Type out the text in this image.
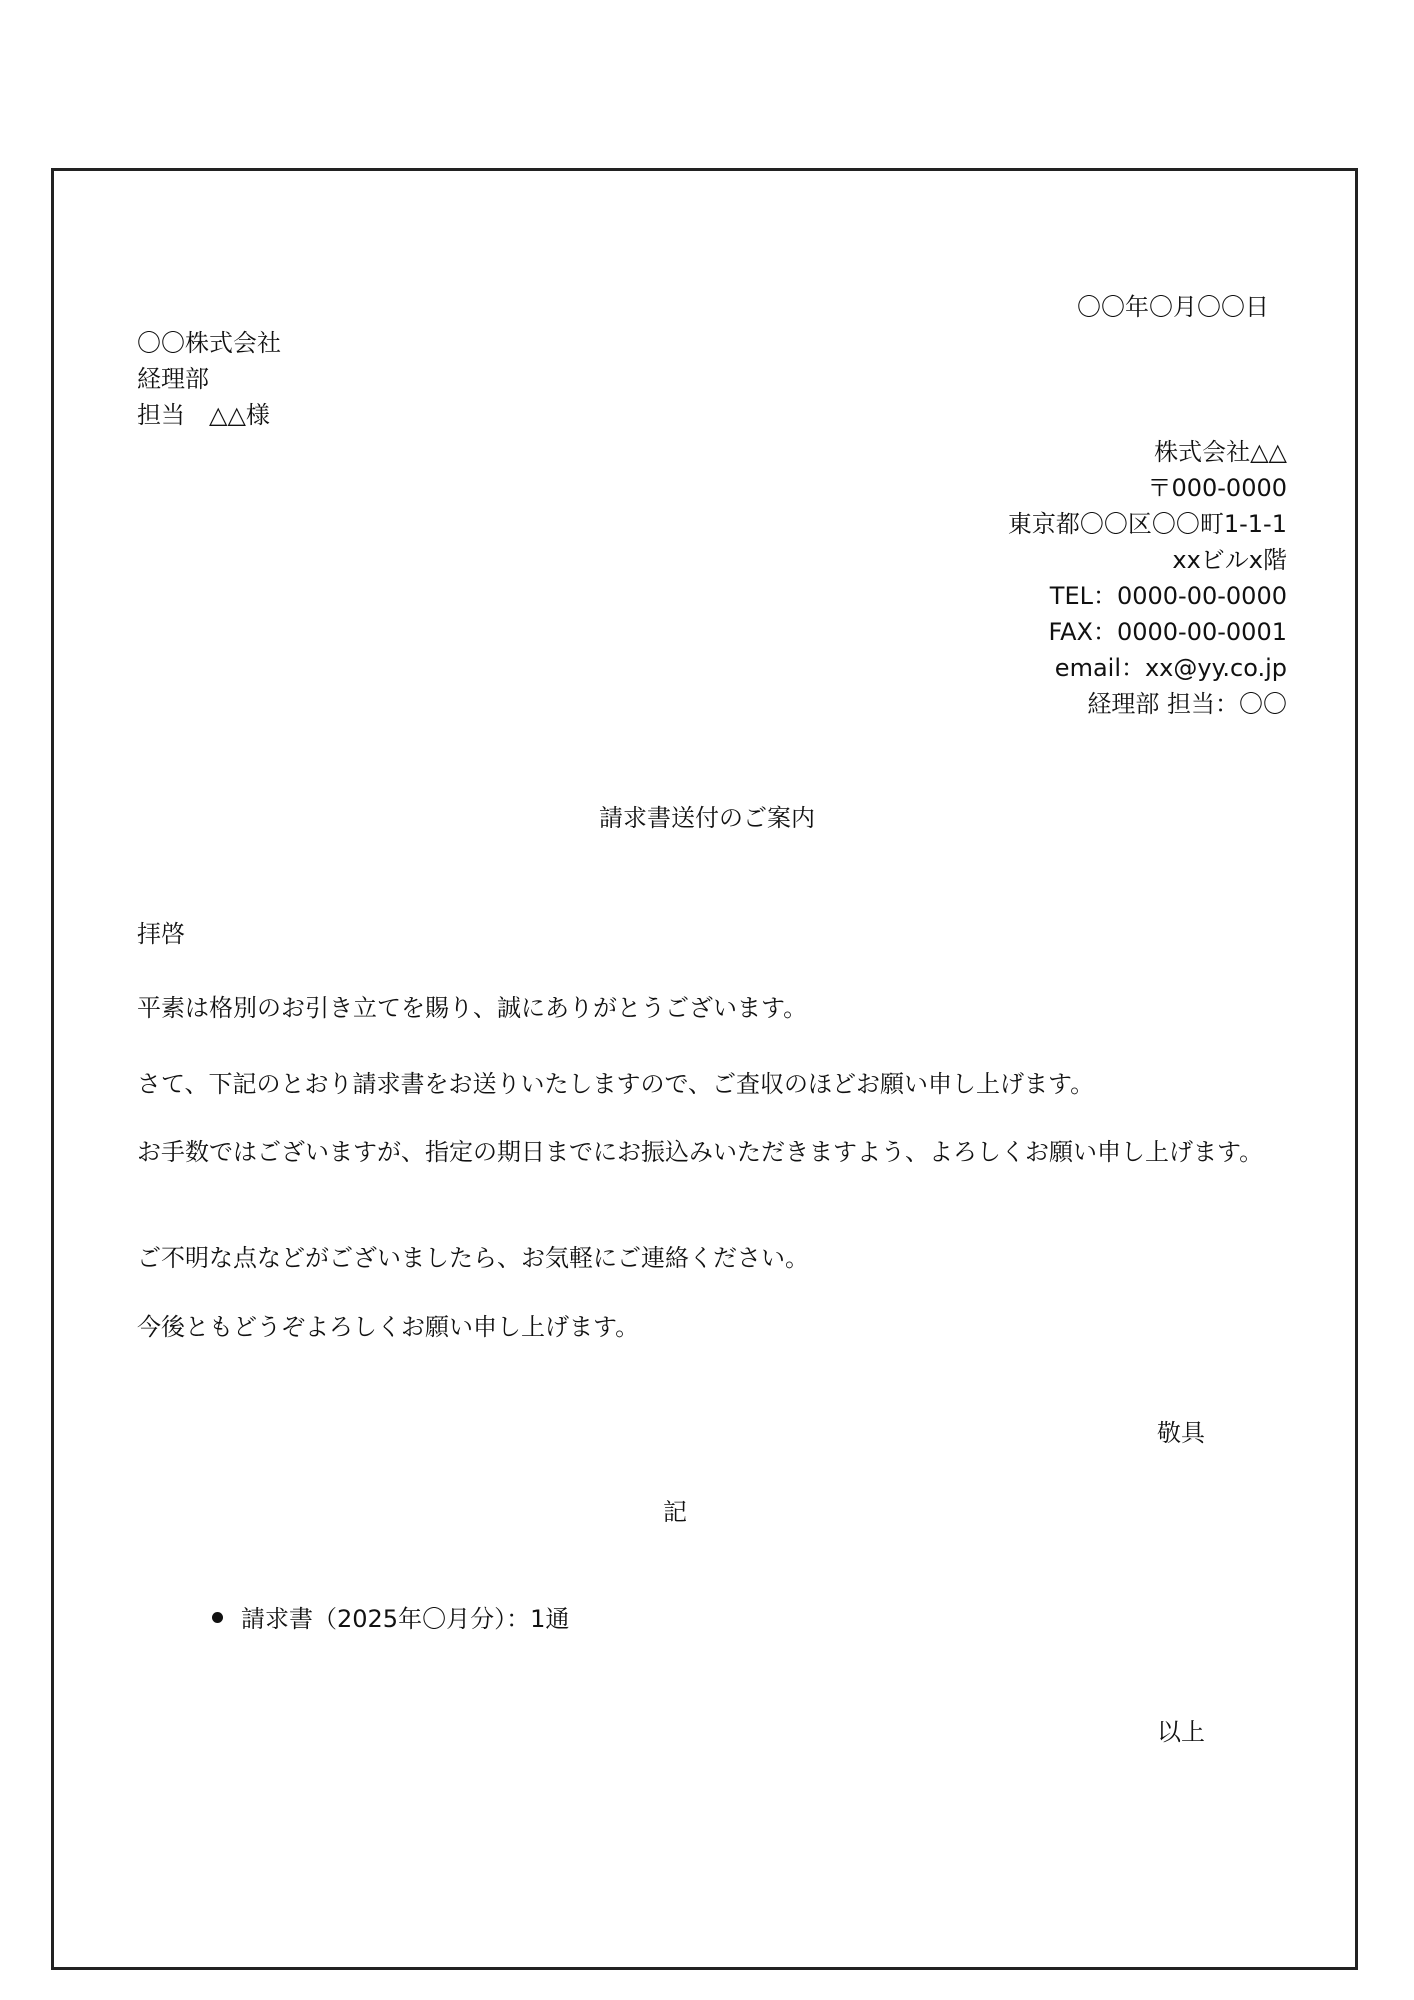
〇〇年〇月〇〇日
〇〇株式会社
経理部
担当　△△様
株式会社△△
〒000-0000
東京都〇〇区〇〇町1-1-1
xxビルx階
TEL：0000-00-0000
FAX：0000-00-0001
email：xx@yy.co.jp
経理部 担当：〇〇
請求書送付のご案内
拝啓
平素は格別のお引き立てを賜り、誠にありがとうございます。
さて、下記のとおり請求書をお送りいたしますので、ご査収のほどお願い申し上げます。
お手数ではございますが、指定の期日までにお振込みいただきますよう、よろしくお願い申し上げます。
ご不明な点などがございましたら、お気軽にご連絡ください。
今後ともどうぞよろしくお願い申し上げます。
敬具
記
請求書（2025年〇月分）：1通
以上
